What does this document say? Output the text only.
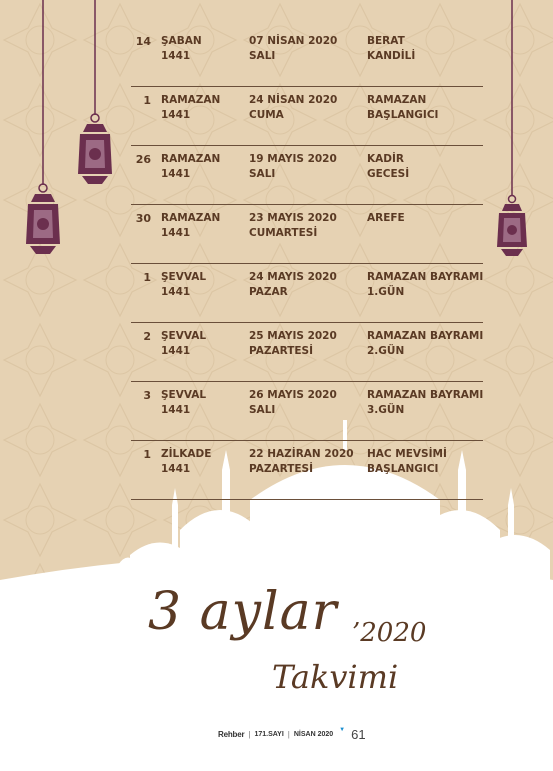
14 ŞABAN
1441
07 NİSAN 2020
SALI
BERAT
KANDİLİ
1 RAMAZAN
1441
24 NİSAN 2020
CUMA
RAMAZAN
BAŞLANGICI
26 RAMAZAN
1441
19 MAYIS 2020
SALI
KADİR
GECESİ
30 RAMAZAN
1441
23 MAYIS 2020
CUMARTESİ
AREFE
1 ŞEVVAL
1441
24 MAYIS 2020
PAZAR
RAMAZAN BAYRAMI
1.GÜN
2 ŞEVVAL
1441
25 MAYIS 2020
PAZARTESİ
RAMAZAN BAYRAMI
2.GÜN
3 ŞEVVAL
1441
26 MAYIS 2020
SALI
RAMAZAN BAYRAMI
3.GÜN
1 ZİLKADE
1441
22 HAZİRAN 2020
PAZARTESİ
HAC MEVSİMİ
BAŞLANGICI
3 aylar ’2020
Takvimi
Rehber | 171.SAYI | NİSAN 2020
▼ 61
